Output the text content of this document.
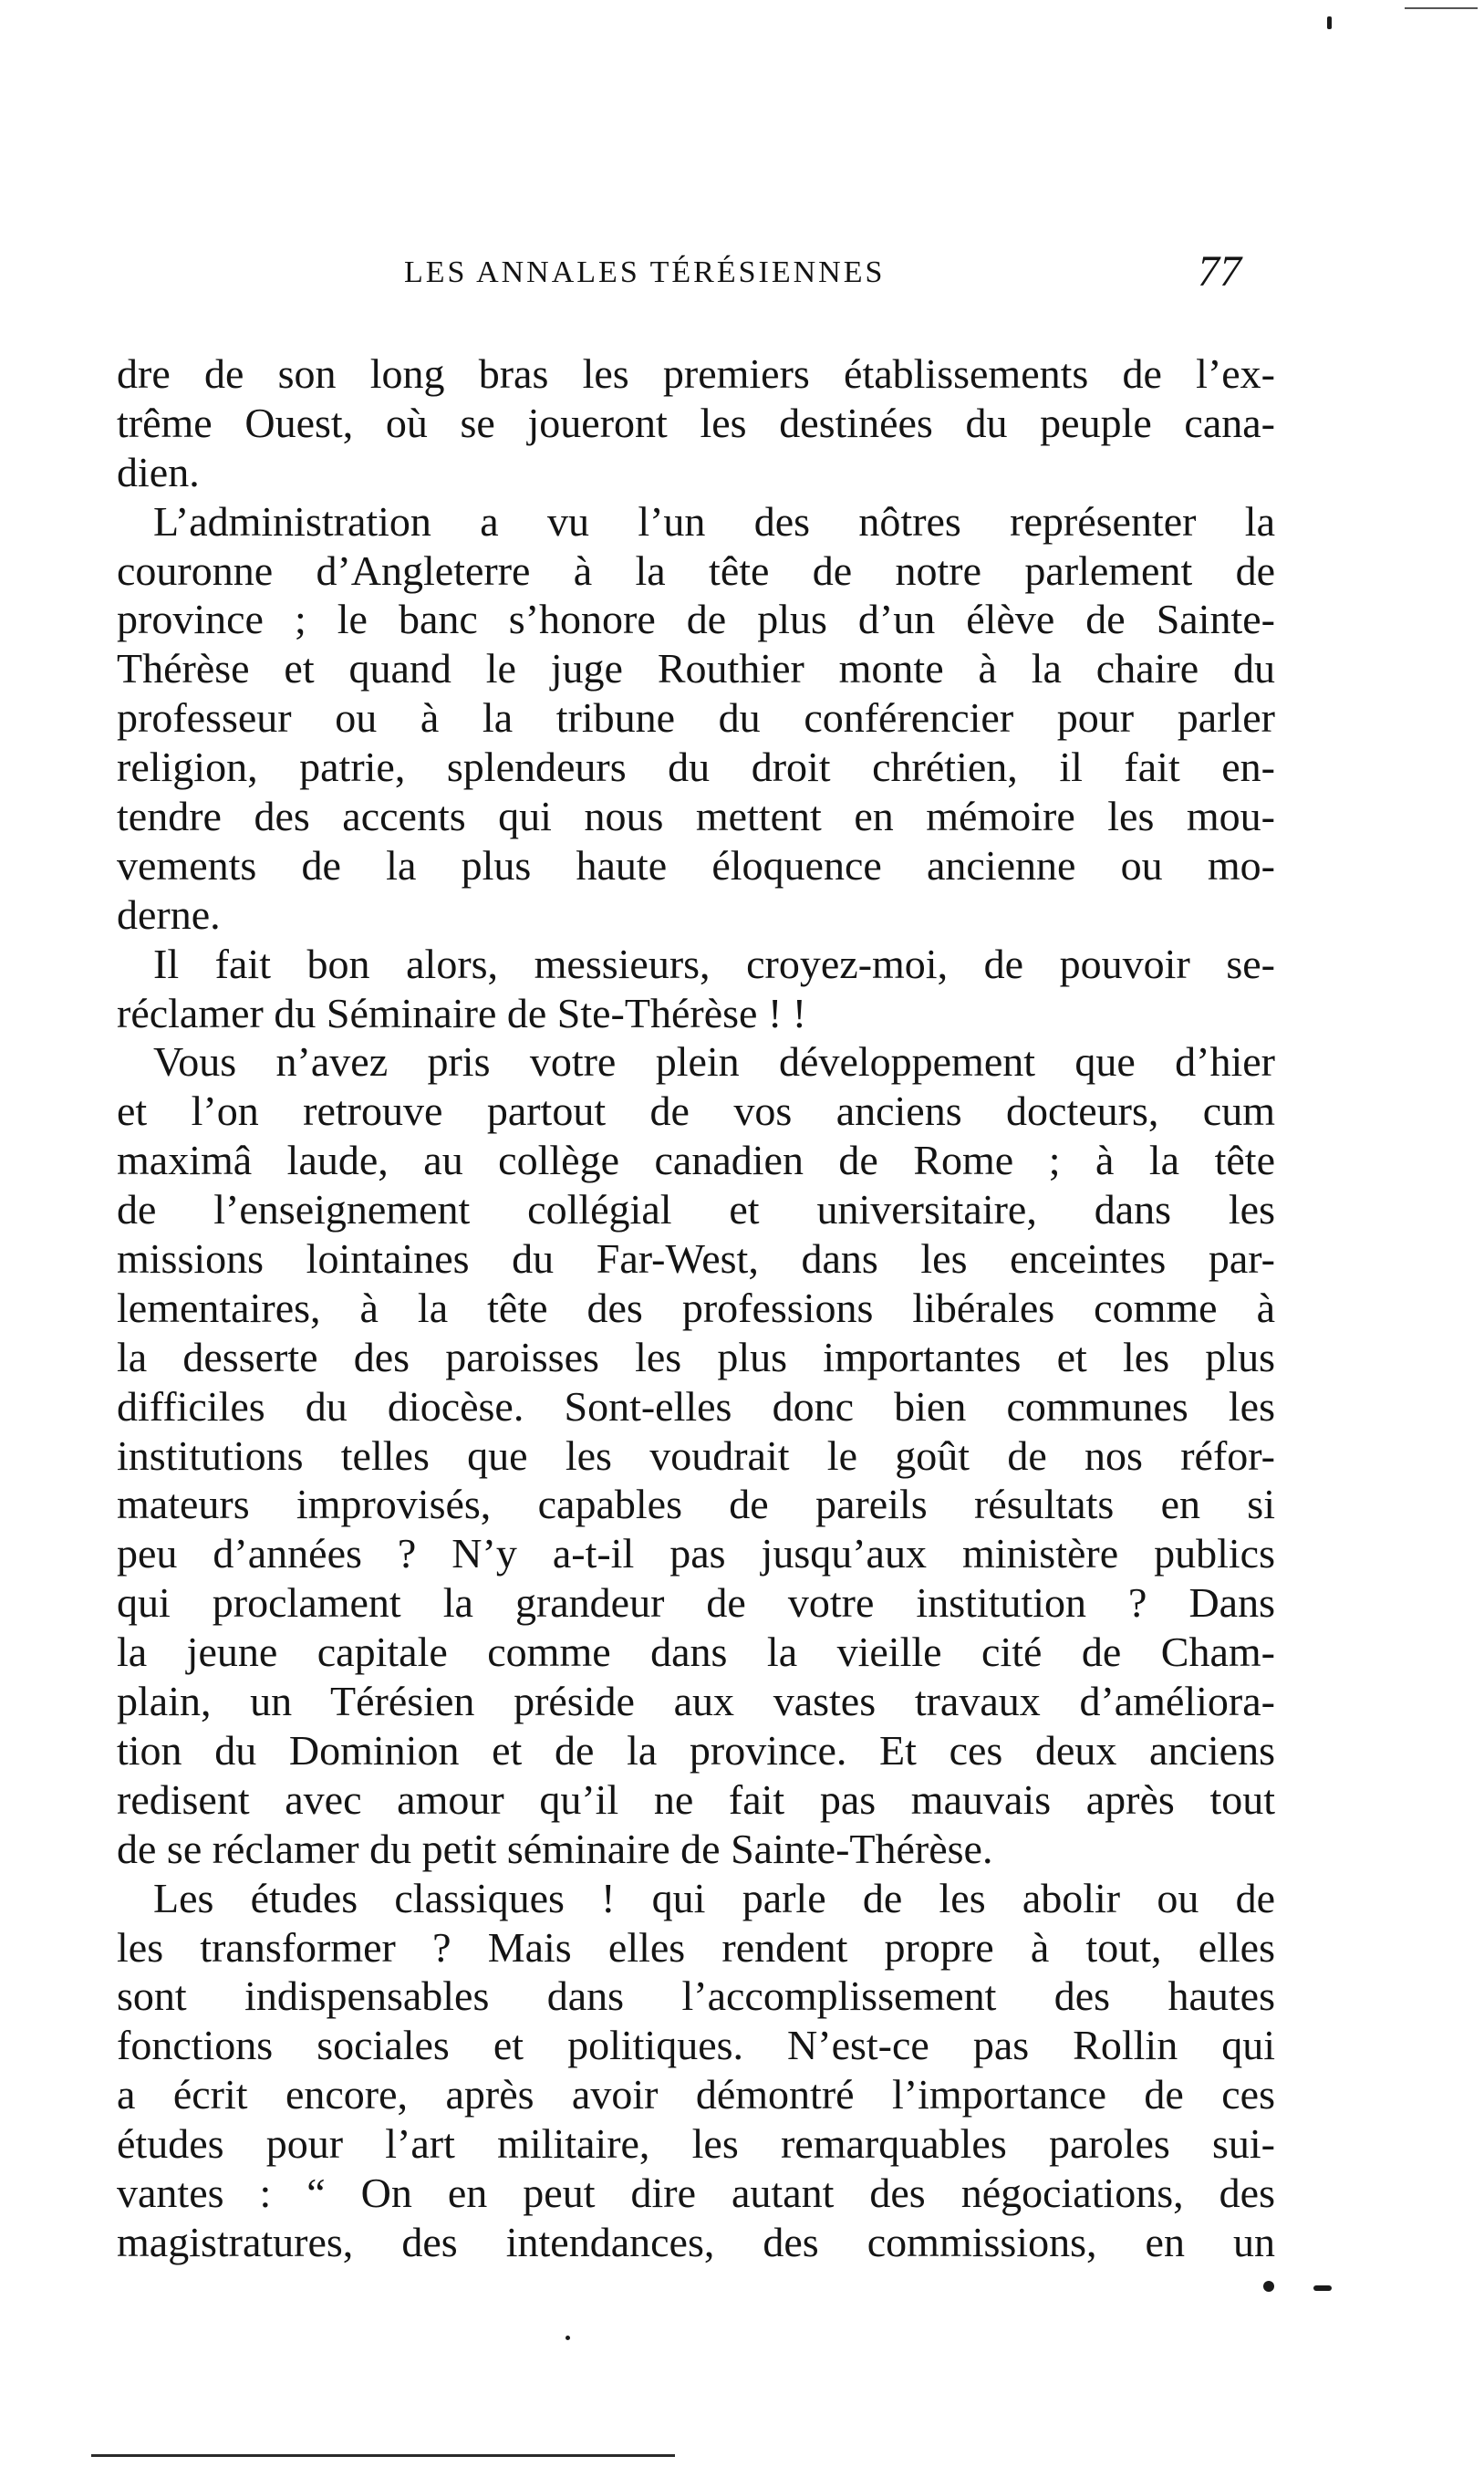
LES ANNALES TÉRÉSIENNES	77
dre de son long bras les premiers établissements de l’ex-
trême Ouest, où se joueront les destinées du peuple cana-
dien.
L’administration a vu l’un des nôtres représenter la
couronne d’Angleterre à la tête de notre parlement de
province ; le banc s’honore de plus d’un élève de Sainte-
Thérèse et quand le juge Routhier monte à la chaire du
professeur ou à la tribune du conférencier pour parler
religion, patrie, splendeurs du droit chrétien, il fait en-
tendre des accents qui nous mettent en mémoire les mou-
vements de la plus haute éloquence ancienne ou mo-
derne.
Il fait bon alors, messieurs, croyez-moi, de pouvoir se-
réclamer du Séminaire de Ste-Thérèse ! !
Vous n’avez pris votre plein développement que d’hier
et l’on retrouve partout de vos anciens docteurs, cum
maximâ laude, au collège canadien de Rome ; à la tête
de l’enseignement collégial et universitaire, dans les
missions lointaines du Far-West, dans les enceintes par-
lementaires, à la tête des professions libérales comme à
la desserte des paroisses les plus importantes et les plus
difficiles du diocèse. Sont-elles donc bien communes les
institutions telles que les voudrait le goût de nos réfor-
mateurs improvisés, capables de pareils résultats en si
peu d’années ? N’y a-t-il pas jusqu’aux ministère publics
qui proclament la grandeur de votre institution ? Dans
la jeune capitale comme dans la vieille cité de Cham-
plain, un Térésien préside aux vastes travaux d’améliora-
tion du Dominion et de la province. Et ces deux anciens
redisent avec amour qu’il ne fait pas mauvais après tout
de se réclamer du petit séminaire de Sainte-Thérèse.
Les études classiques ! qui parle de les abolir ou de
les transformer ? Mais elles rendent propre à tout, elles
sont indispensables dans l’accomplissement des hautes
fonctions sociales et politiques. N’est-ce pas Rollin qui
a écrit encore, après avoir démontré l’importance de ces
études pour l’art militaire, les remarquables paroles sui-
vantes : “ On en peut dire autant des négociations, des
magistratures, des intendances, des commissions, en un
